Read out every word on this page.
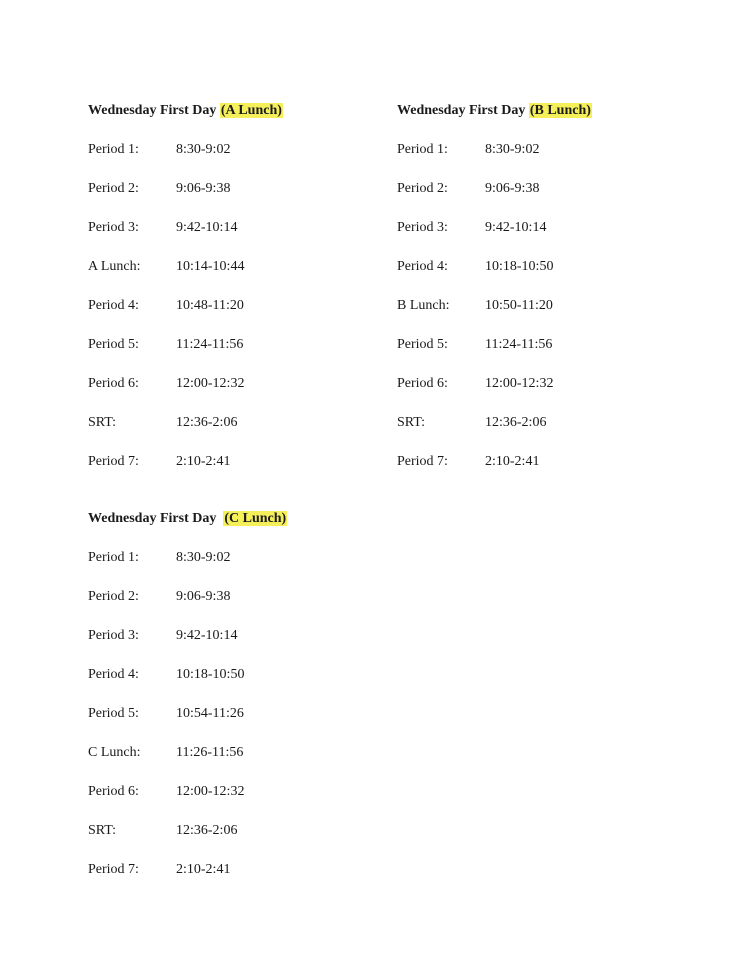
Wednesday First Day (A Lunch)
Period 1:	8:30-9:02
Period 2:	9:06-9:38
Period 3:	9:42-10:14
A Lunch:	10:14-10:44
Period 4:	10:48-11:20
Period 5:	11:24-11:56
Period 6:	12:00-12:32
SRT:	12:36-2:06
Period 7:	2:10-2:41
Wednesday First Day (B Lunch)
Period 1:	8:30-9:02
Period 2:	9:06-9:38
Period 3:	9:42-10:14
Period 4:	10:18-10:50
B Lunch:	10:50-11:20
Period 5:	11:24-11:56
Period 6:	12:00-12:32
SRT:	12:36-2:06
Period 7:	2:10-2:41
Wednesday First Day  (C Lunch)
Period 1:	8:30-9:02
Period 2:	9:06-9:38
Period 3:	9:42-10:14
Period 4:	10:18-10:50
Period 5:	10:54-11:26
C Lunch:	11:26-11:56
Period 6:	12:00-12:32
SRT:	12:36-2:06
Period 7:	2:10-2:41
